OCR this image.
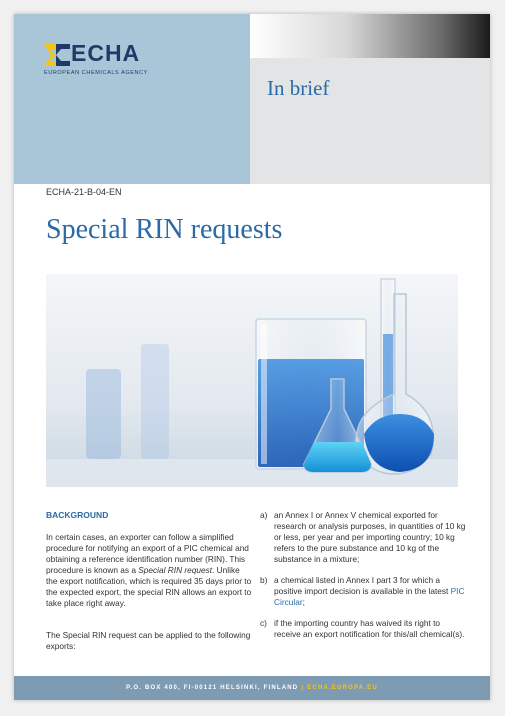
ECHA
EUROPEAN CHEMICALS AGENCY
In brief
ECHA-21-B-04-EN
Special RIN requests
BACKGROUND

In certain cases, an exporter can follow a simplified procedure for notifying an export of a PIC chemical and obtaining a reference identification number (RIN). This procedure is known as a Special RIN request. Unlike the export notification, which is required 35 days prior to the expected export, the special RIN allows an export to take place right away.

The Special RIN request can be applied to the following exports:

a) an Annex I or Annex V chemical exported for research or analysis purposes, in quantities of 10 kg or less, per year and per importing country; 10 kg refers to the pure substance and 10 kg of the substance in a mixture;
b) a chemical listed in Annex I part 3 for which a positive import decision is available in the latest PIC Circular;
c) if the importing country has waived its right to receive an export notification for this/all chemical(s).
P.O. BOX 400, FI-00121 HELSINKI, FINLAND | ECHA.EUROPA.EU
